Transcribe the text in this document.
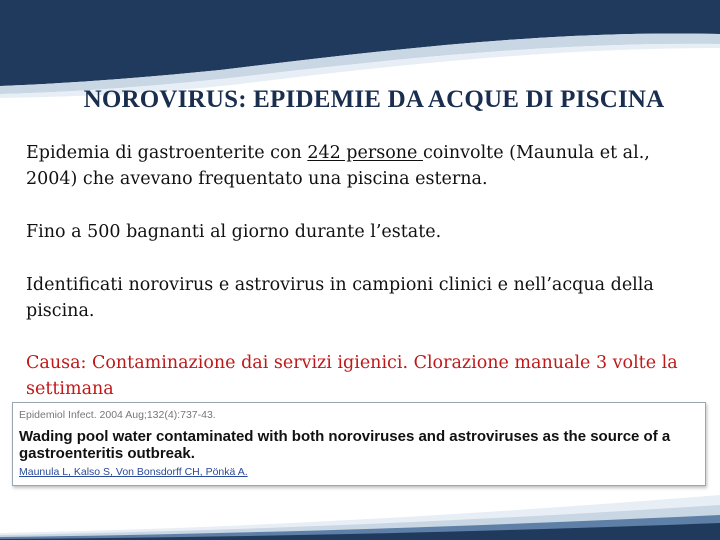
NOROVIRUS: EPIDEMIE DA ACQUE DI PISCINA

Epidemia di gastroenterite con 242 persone coinvolte (Maunula et al., 2004) che avevano frequentato una piscina esterna.

Fino a 500 bagnanti al giorno durante l’estate.

Identificati norovirus e astrovirus in campioni clinici e nell’acqua della piscina.

Causa: Contaminazione dai servizi igienici. Clorazione manuale 3 volte la settimana

Epidemiol Infect. 2004 Aug;132(4):737-43.
Wading pool water contaminated with both noroviruses and astroviruses as the source of a gastroenteritis outbreak.
Maunula L, Kalso S, Von Bonsdorff CH, Pönkä A.
